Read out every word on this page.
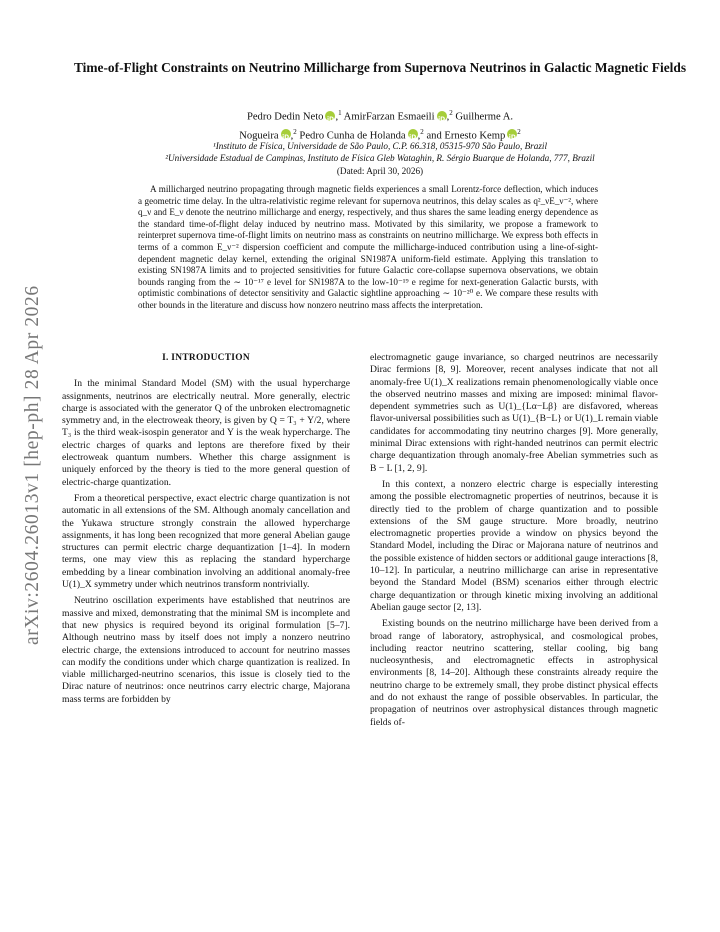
arXiv:2604.26013v1 [hep-ph] 28 Apr 2026
Time-of-Flight Constraints on Neutrino Millicharge from Supernova Neutrinos in Galactic Magnetic Fields
Pedro Dedin Neto iD ,$^1$ AmirFarzan Esmaeili iD ,$^2$ Guilherme A.
Nogueira iD ,$^2$ Pedro Cunha de Holanda iD ,$^2$ and Ernesto Kemp iD $^2$
¹Instituto de Física, Universidade de São Paulo, C.P. 66.318, 05315-970 São Paulo, Brazil
²Universidade Estadual de Campinas, Instituto de Física Gleb Wataghin, R. Sérgio Buarque de Holanda, 777, Brazil
(Dated: April 30, 2026)
A millicharged neutrino propagating through magnetic fields experiences a small Lorentz-force deflection, which induces a geometric time delay. In the ultra-relativistic regime relevant for supernova neutrinos, this delay scales as q²_νE_ν⁻², where q_ν and E_ν denote the neutrino millicharge and energy, respectively, and thus shares the same leading energy dependence as the standard time-of-flight delay induced by neutrino mass. Motivated by this similarity, we propose a framework to reinterpret supernova time-of-flight limits on neutrino mass as constraints on neutrino millicharge. We express both effects in terms of a common E_ν⁻² dispersion coefficient and compute the millicharge-induced contribution using a line-of-sight-dependent magnetic delay kernel, extending the original SN1987A uniform-field estimate. Applying this translation to existing SN1987A limits and to projected sensitivities for future Galactic core-collapse supernova observations, we obtain bounds ranging from the ∼ 10⁻¹⁷ e level for SN1987A to the low-10⁻¹⁹ e regime for next-generation Galactic bursts, with optimistic combinations of detector sensitivity and Galactic sightline approaching ∼ 10⁻²⁰ e. We compare these results with other bounds in the literature and discuss how nonzero neutrino mass affects the interpretation.
I. INTRODUCTION

In the minimal Standard Model (SM) with the usual hypercharge assignments, neutrinos are electrically neutral. More generally, electric charge is associated with the generator Q of the unbroken electromagnetic symmetry and, in the electroweak theory, is given by Q = T₃ + Y/2, where T₃ is the third weak-isospin generator and Y is the weak hypercharge. The electric charges of quarks and leptons are therefore fixed by their electroweak quantum numbers. Whether this charge assignment is uniquely enforced by the theory is tied to the more general question of electric-charge quantization.

From a theoretical perspective, exact electric charge quantization is not automatic in all extensions of the SM. Although anomaly cancellation and the Yukawa structure strongly constrain the allowed hypercharge assignments, it has long been recognized that more general Abelian gauge structures can permit electric charge dequantization [1–4]. In modern terms, one may view this as replacing the standard hypercharge embedding by a linear combination involving an additional anomaly-free U(1)_X symmetry under which neutrinos transform nontrivially.

Neutrino oscillation experiments have established that neutrinos are massive and mixed, demonstrating that the minimal SM is incomplete and that new physics is required beyond its original formulation [5–7]. Although neutrino mass by itself does not imply a nonzero neutrino electric charge, the extensions introduced to account for neutrino masses can modify the conditions under which charge quantization is realized. In viable millicharged-neutrino scenarios, this issue is closely tied to the Dirac nature of neutrinos: once neutrinos carry electric charge, Majorana mass terms are forbidden by

electromagnetic gauge invariance, so charged neutrinos are necessarily Dirac fermions [8, 9]. Moreover, recent analyses indicate that not all anomaly-free U(1)_X realizations remain phenomenologically viable once the observed neutrino masses and mixing are imposed: minimal flavor-dependent symmetries such as U(1)_{Lα−Lβ} are disfavored, whereas flavor-universal possibilities such as U(1)_{B−L} or U(1)_L remain viable candidates for accommodating tiny neutrino charges [9]. More generally, minimal Dirac extensions with right-handed neutrinos can permit electric charge dequantization through anomaly-free Abelian symmetries such as B − L [1, 2, 9].

In this context, a nonzero electric charge is especially interesting among the possible electromagnetic properties of neutrinos, because it is directly tied to the problem of charge quantization and to possible extensions of the SM gauge structure. More broadly, neutrino electromagnetic properties provide a window on physics beyond the Standard Model, including the Dirac or Majorana nature of neutrinos and the possible existence of hidden sectors or additional gauge interactions [8, 10–12]. In particular, a neutrino millicharge can arise in representative beyond the Standard Model (BSM) scenarios either through electric charge dequantization or through kinetic mixing involving an additional Abelian gauge sector [2, 13].

Existing bounds on the neutrino millicharge have been derived from a broad range of laboratory, astrophysical, and cosmological probes, including reactor neutrino scattering, stellar cooling, big bang nucleosynthesis, and electromagnetic effects in astrophysical environments [8, 14–20]. Although these constraints already require the neutrino charge to be extremely small, they probe distinct physical effects and do not exhaust the range of possible observables. In particular, the propagation of neutrinos over astrophysical distances through magnetic fields of-
